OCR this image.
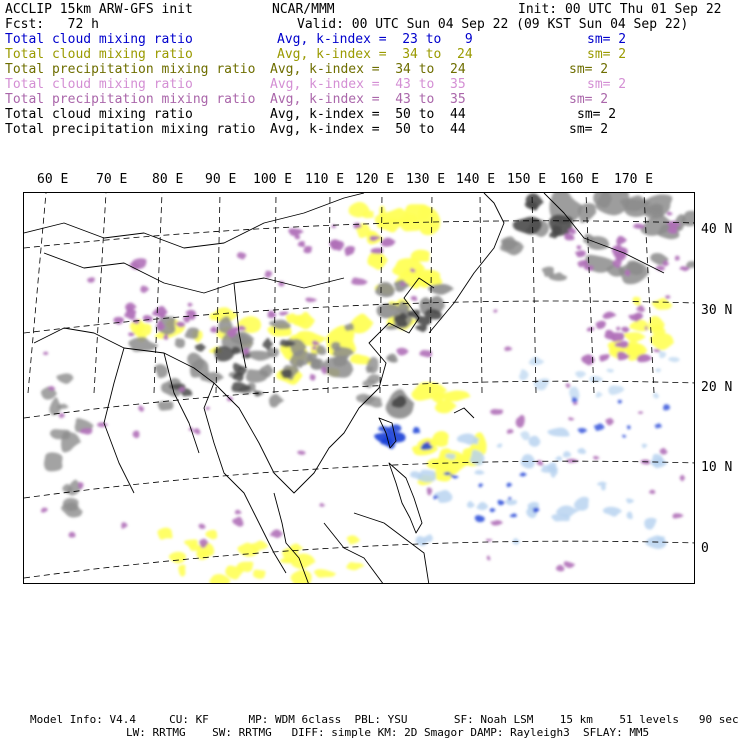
ACCLIP 15km ARW-GFS init	NCAR/MMM	Init: 00 UTC Thu 01 Sep 22
Fcst:   72 h	Valid: 00 UTC Sun 04 Sep 22 (09 KST Sun 04 Sep 22)
Total cloud mixing ratio	Avg, k-index =  23 to   9	sm= 2
Total cloud mixing ratio	Avg, k-index =  34 to  24	sm= 2
Total precipitation mixing ratio Avg, k-index =  34 to  24	sm= 2
Total cloud mixing ratio	Avg, k-index =  43 to  35	sm= 2
Total precipitation mixing ratio Avg, k-index =  43 to  35	sm= 2
Total cloud mixing ratio	Avg, k-index =  50 to  44	sm= 2
Total precipitation mixing ratio Avg, k-index =  50 to  44	sm= 2
60 E 70 E 80 E 90 E 100 E 110 E 120 E 130 E 140 E 150 E 160 E 170 E
40 N
30 N
20 N
10 N
0
Model Info: V4.4     CU: KF      MP: WDM 6class  PBL: YSU       SF: Noah LSM    15 km    51 levels   90 sec
LW: RRTMG    SW: RRTMG   DIFF: simple KM: 2D Smagor DAMP: Rayleigh3  SFLAY: MM5
